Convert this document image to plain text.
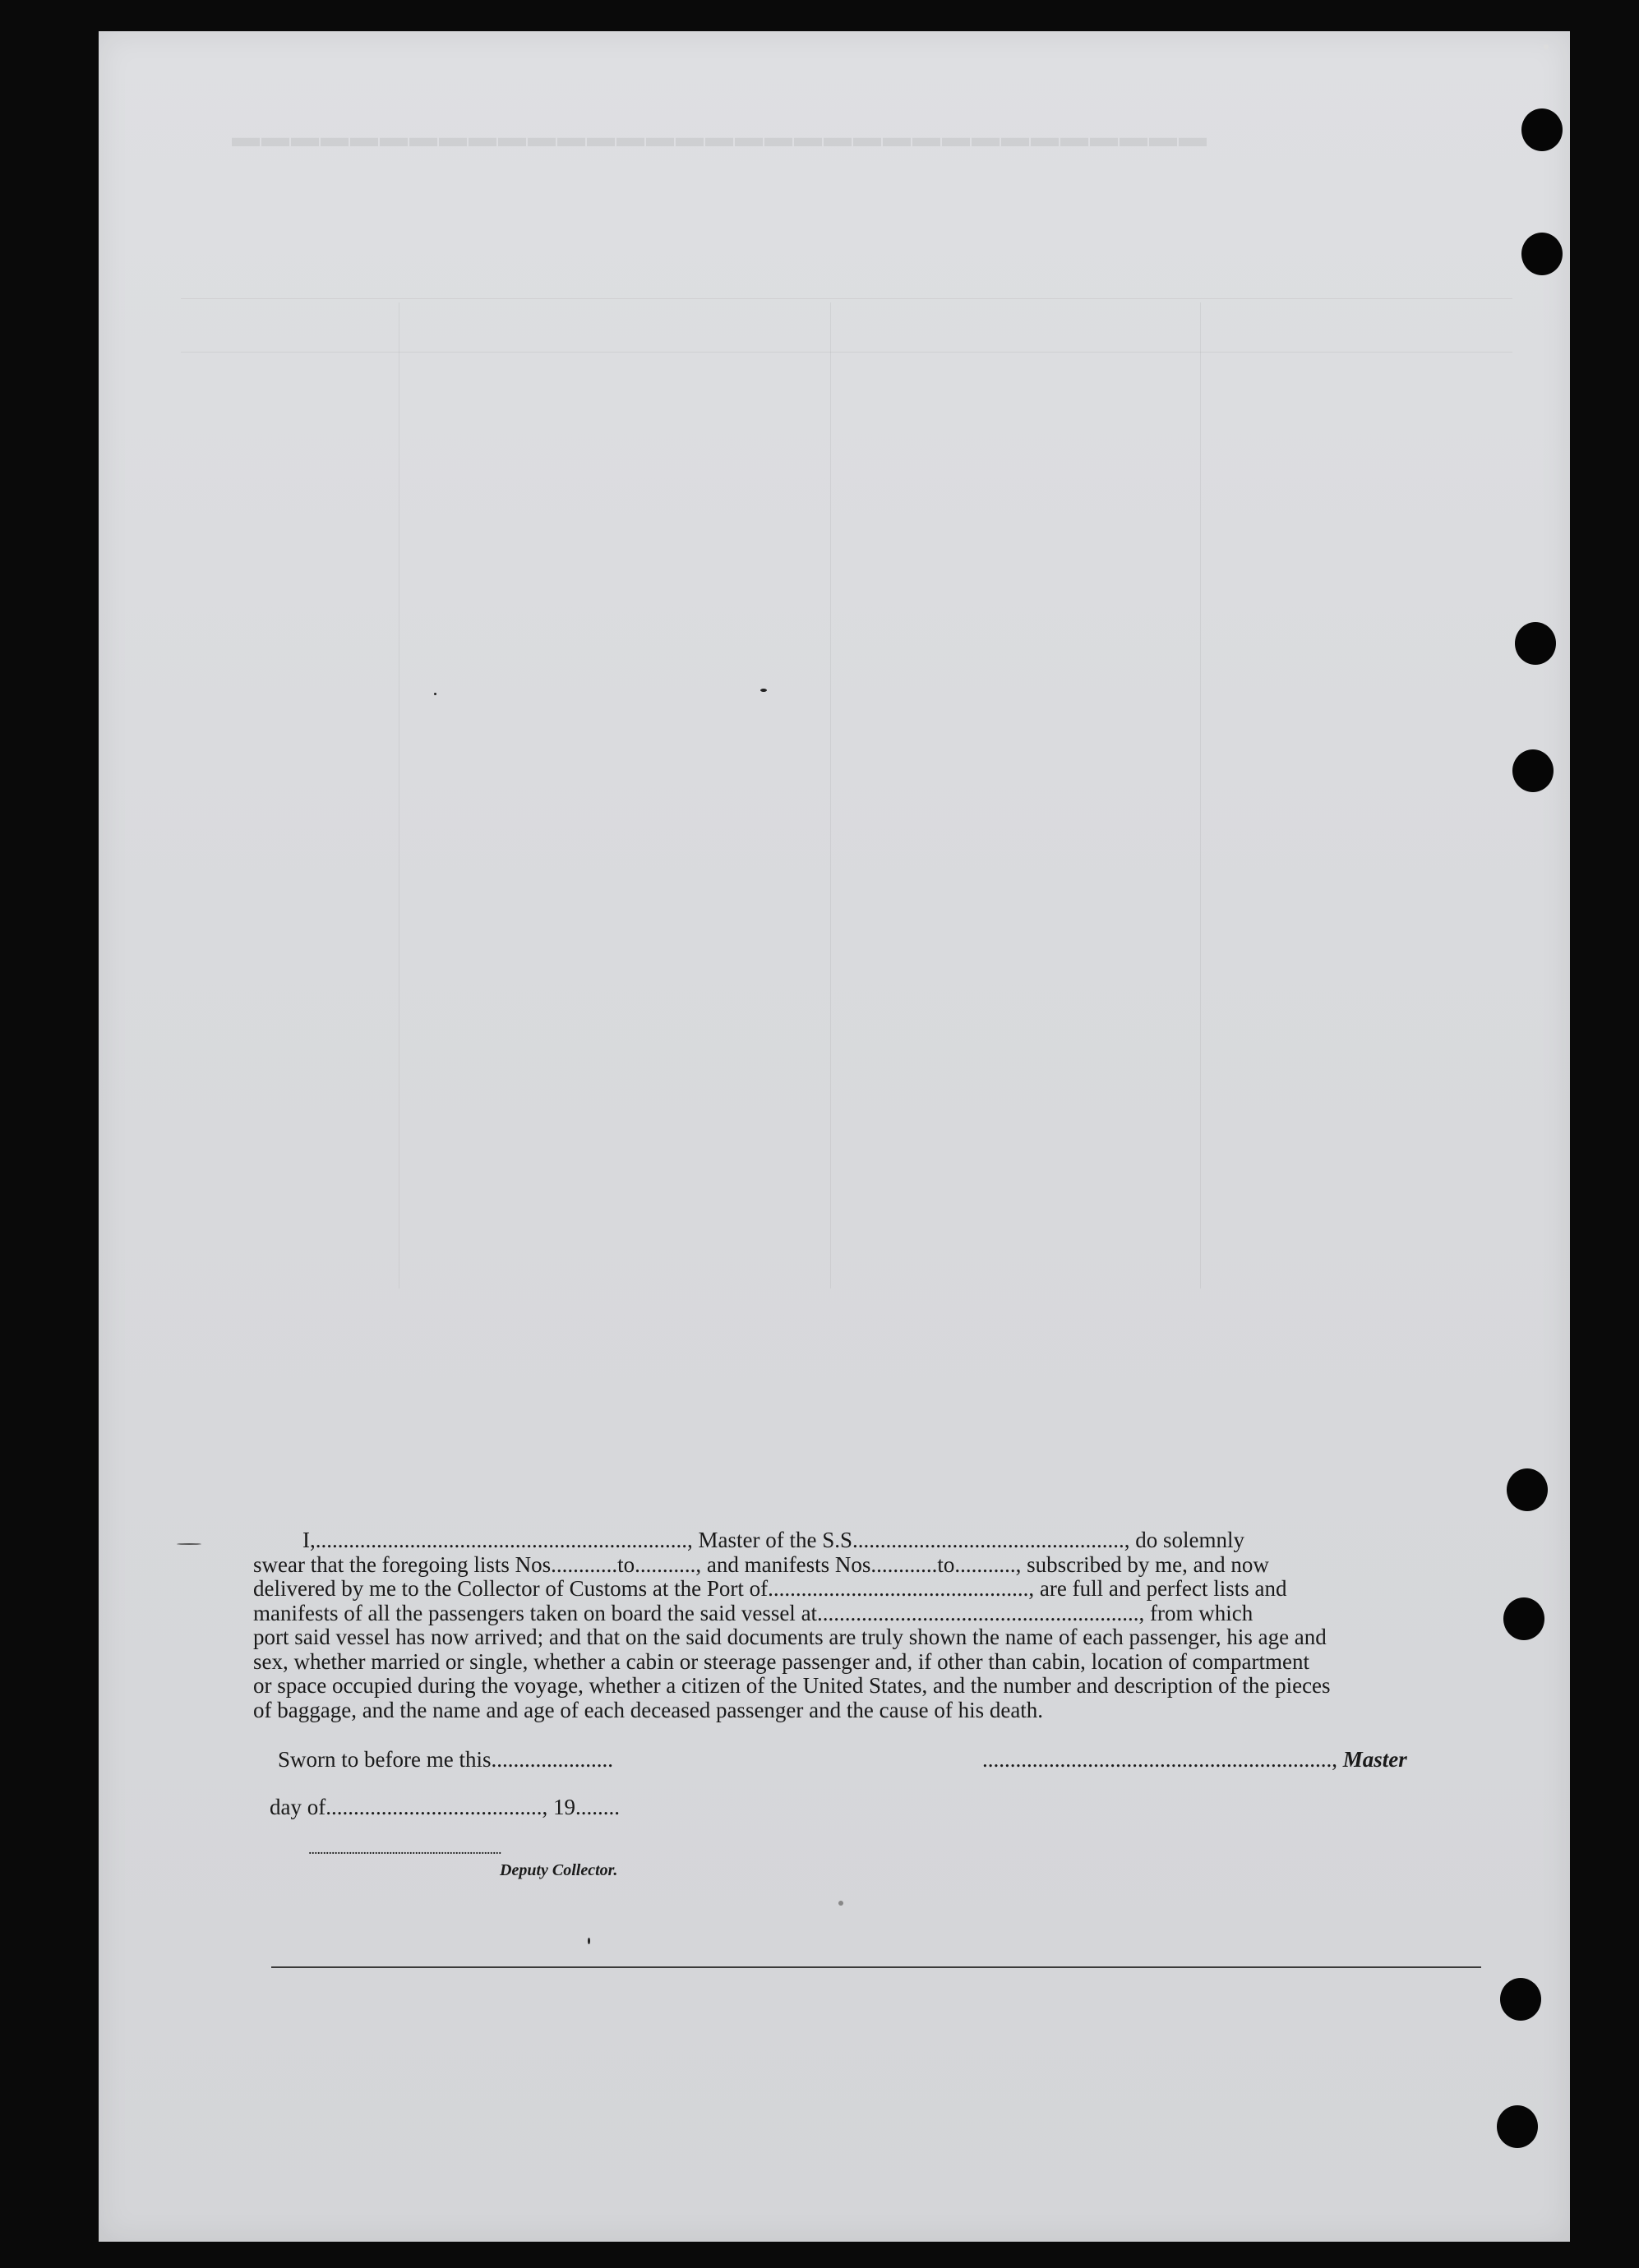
▬▬▬▬▬▬▬▬▬▬▬▬▬▬▬▬▬▬▬▬▬▬▬▬▬▬▬▬▬▬▬▬▬

I,..................................................................., Master of the S.S................................................., do solemnly

swear that the foregoing lists Nos............to..........., and manifests Nos............to..........., subscribed by me, and now

delivered by me to the Collector of Customs at the Port of..............................................., are full and perfect lists and

manifests of all the passengers taken on board the said vessel at.........................................................., from which

port said vessel has now arrived; and that on the said documents are truly shown the name of each passenger, his age and

sex, whether married or single, whether a cabin or steerage passenger and, if other than cabin, location of compartment

or space occupied during the voyage, whether a citizen of the United States, and the number and description of the pieces

of baggage, and the name and age of each deceased passenger and the cause of his death.

Sworn to before me this......................	..............................................................., Master
day of......................................., 19........
...................................................................
Deputy Collector.
